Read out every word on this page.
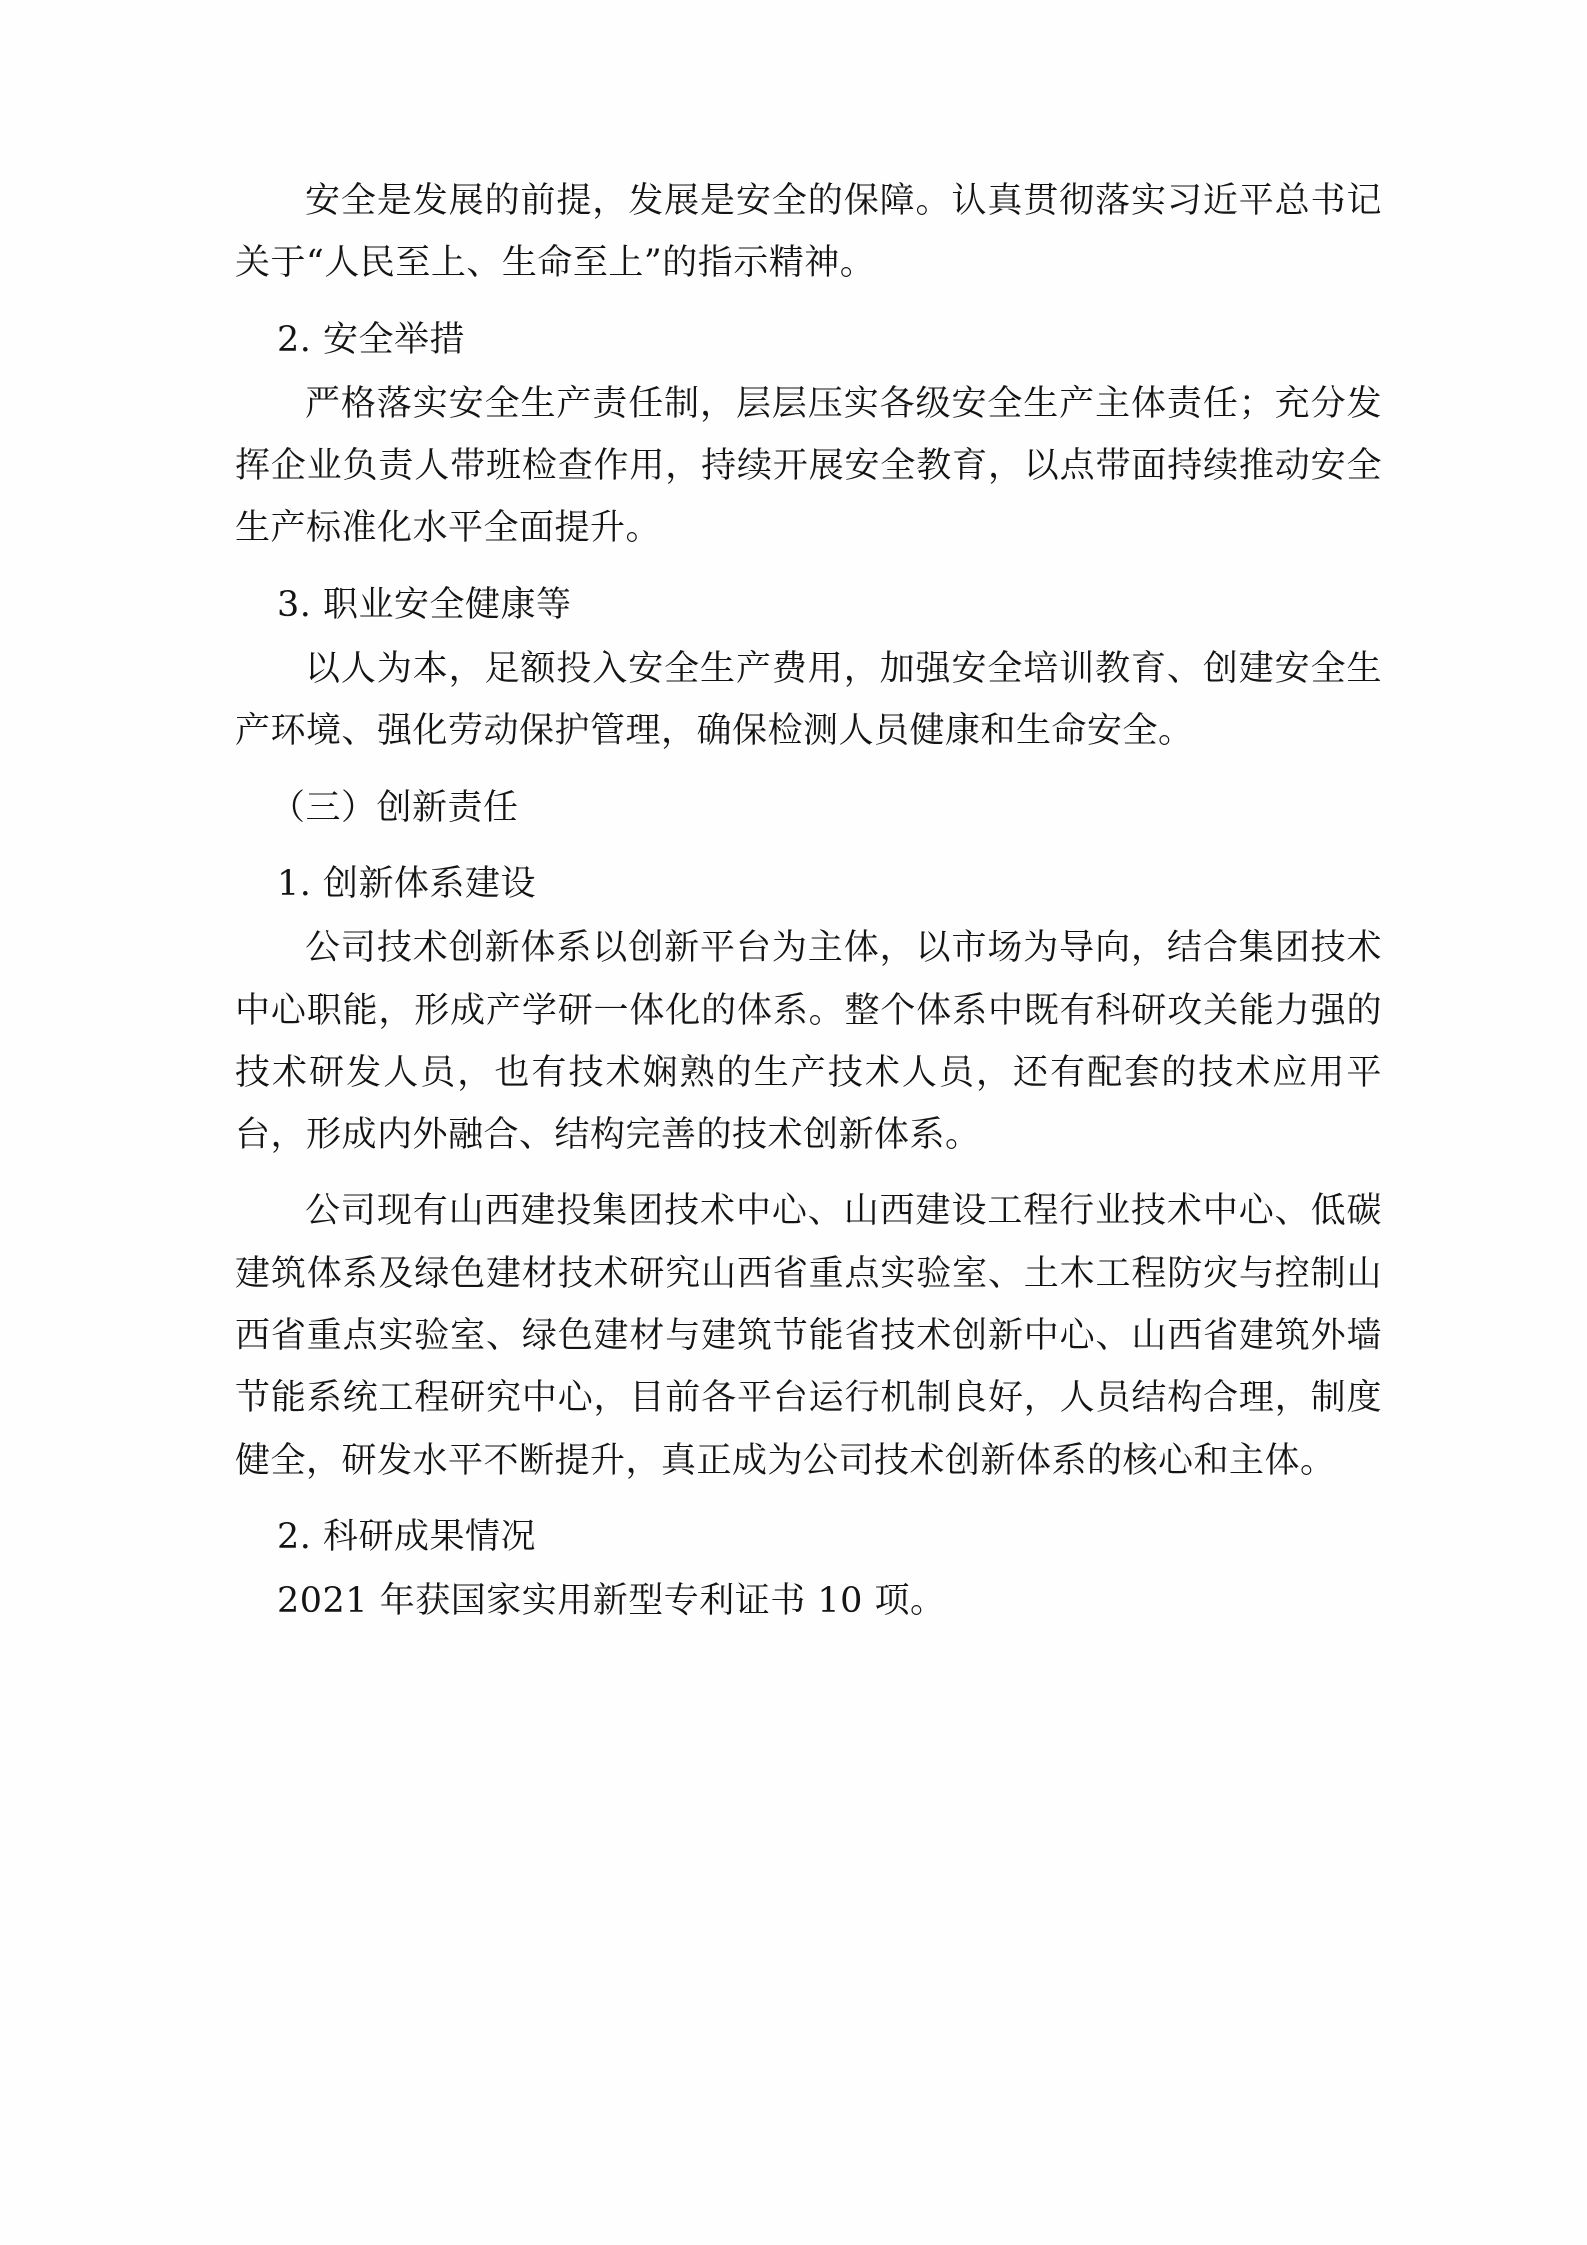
安全是发展的前提，发展是安全的保障。认真贯彻落实习近平总书记关于“人民至上、生命至上”的指示精神。

2. 安全举措

严格落实安全生产责任制，层层压实各级安全生产主体责任；充分发挥企业负责人带班检查作用，持续开展安全教育，以点带面持续推动安全生产标准化水平全面提升。

3. 职业安全健康等

以人为本，足额投入安全生产费用，加强安全培训教育、创建安全生产环境、强化劳动保护管理，确保检测人员健康和生命安全。

（三）创新责任

1. 创新体系建设

公司技术创新体系以创新平台为主体，以市场为导向，结合集团技术中心职能，形成产学研一体化的体系。整个体系中既有科研攻关能力强的技术研发人员，也有技术娴熟的生产技术人员，还有配套的技术应用平台，形成内外融合、结构完善的技术创新体系。

公司现有山西建投集团技术中心、山西建设工程行业技术中心、低碳建筑体系及绿色建材技术研究山西省重点实验室、土木工程防灾与控制山西省重点实验室、绿色建材与建筑节能省技术创新中心、山西省建筑外墙节能系统工程研究中心，目前各平台运行机制良好，人员结构合理，制度健全，研发水平不断提升，真正成为公司技术创新体系的核心和主体。

2. 科研成果情况

2021 年获国家实用新型专利证书 10 项。
